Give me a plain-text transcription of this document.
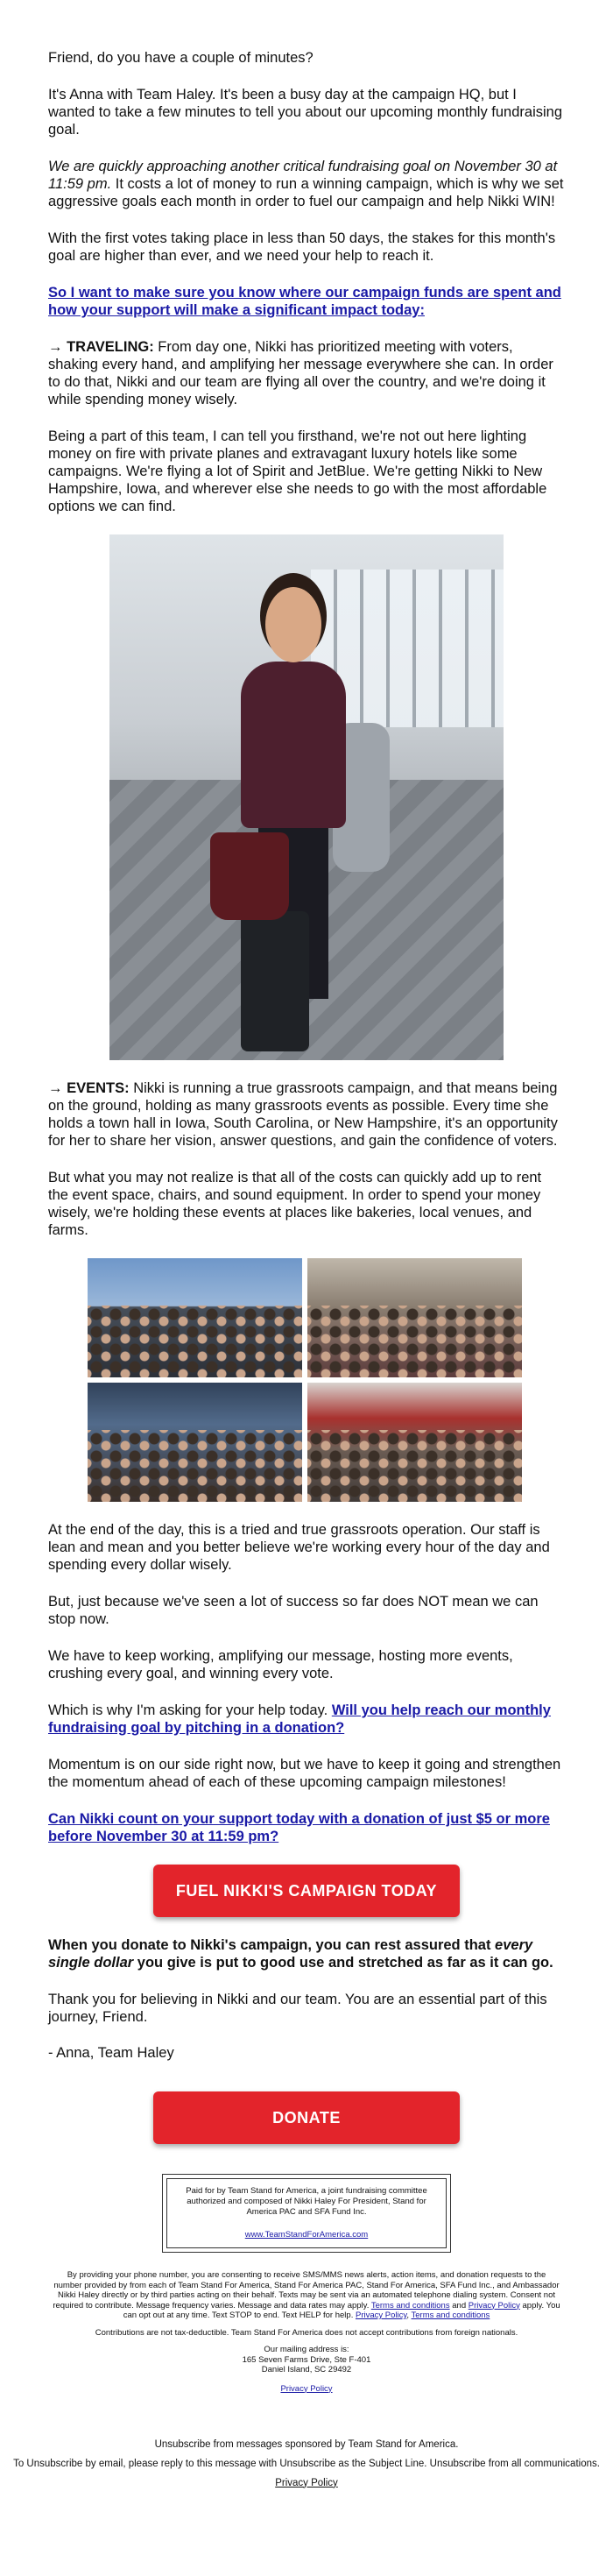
Friend, do you have a couple of minutes?

It's Anna with Team Haley. It's been a busy day at the campaign HQ, but I wanted to take a few minutes to tell you about our upcoming monthly fundraising goal.

We are quickly approaching another critical fundraising goal on November 30 at 11:59 pm. It costs a lot of money to run a winning campaign, which is why we set aggressive goals each month in order to fuel our campaign and help Nikki WIN!

With the first votes taking place in less than 50 days, the stakes for this month's goal are higher than ever, and we need your help to reach it.

So I want to make sure you know where our campaign funds are spent and how your support will make a significant impact today:

→ TRAVELING: From day one, Nikki has prioritized meeting with voters, shaking every hand, and amplifying her message everywhere she can. In order to do that, Nikki and our team are flying all over the country, and we're doing it while spending money wisely.

Being a part of this team, I can tell you firsthand, we're not out here lighting money on fire with private planes and extravagant luxury hotels like some campaigns. We're flying a lot of Spirit and JetBlue. We're getting Nikki to New Hampshire, Iowa, and wherever else she needs to go with the most affordable options we can find.

→ EVENTS: Nikki is running a true grassroots campaign, and that means being on the ground, holding as many grassroots events as possible. Every time she holds a town hall in Iowa, South Carolina, or New Hampshire, it's an opportunity for her to share her vision, answer questions, and gain the confidence of voters.

But what you may not realize is that all of the costs can quickly add up to rent the event space, chairs, and sound equipment. In order to spend your money wisely, we're holding these events at places like bakeries, local venues, and farms.

At the end of the day, this is a tried and true grassroots operation. Our staff is lean and mean and you better believe we're working every hour of the day and spending every dollar wisely.

But, just because we've seen a lot of success so far does NOT mean we can stop now.

We have to keep working, amplifying our message, hosting more events, crushing every goal, and winning every vote.

Which is why I'm asking for your help today. Will you help reach our monthly fundraising goal by pitching in a donation?

Momentum is on our side right now, but we have to keep it going and strengthen the momentum ahead of each of these upcoming campaign milestones!

Can Nikki count on your support today with a donation of just $5 or more before November 30 at 11:59 pm?

FUEL NIKKI'S CAMPAIGN TODAY

When you donate to Nikki's campaign, you can rest assured that every single dollar you give is put to good use and stretched as far as it can go.

Thank you for believing in Nikki and our team. You are an essential part of this journey, Friend.

- Anna, Team Haley

DONATE
Paid for by Team Stand for America, a joint fundraising committee authorized and composed of Nikki Haley For President, Stand for America PAC and SFA Fund Inc.
www.TeamStandForAmerica.com

By providing your phone number, you are consenting to receive SMS/MMS news alerts, action items, and donation requests to the number provided by from each of Team Stand For America, Stand For America PAC, Stand For America, SFA Fund Inc., and Ambassador Nikki Haley directly or by third parties acting on their behalf. Texts may be sent via an automated telephone dialing system. Consent not required to contribute. Message frequency varies. Message and data rates may apply. Terms and conditions and Privacy Policy apply. You can opt out at any time. Text STOP to end. Text HELP for help. Privacy Policy, Terms and conditions

Contributions are not tax-deductible. Team Stand For America does not accept contributions from foreign nationals.

Our mailing address is:
165 Seven Farms Drive, Ste F-401
Daniel Island, SC 29492
Privacy Policy

Unsubscribe from messages sponsored by Team Stand for America.

To Unsubscribe by email, please reply to this message with Unsubscribe as the Subject Line. Unsubscribe from all communications.

Privacy Policy
